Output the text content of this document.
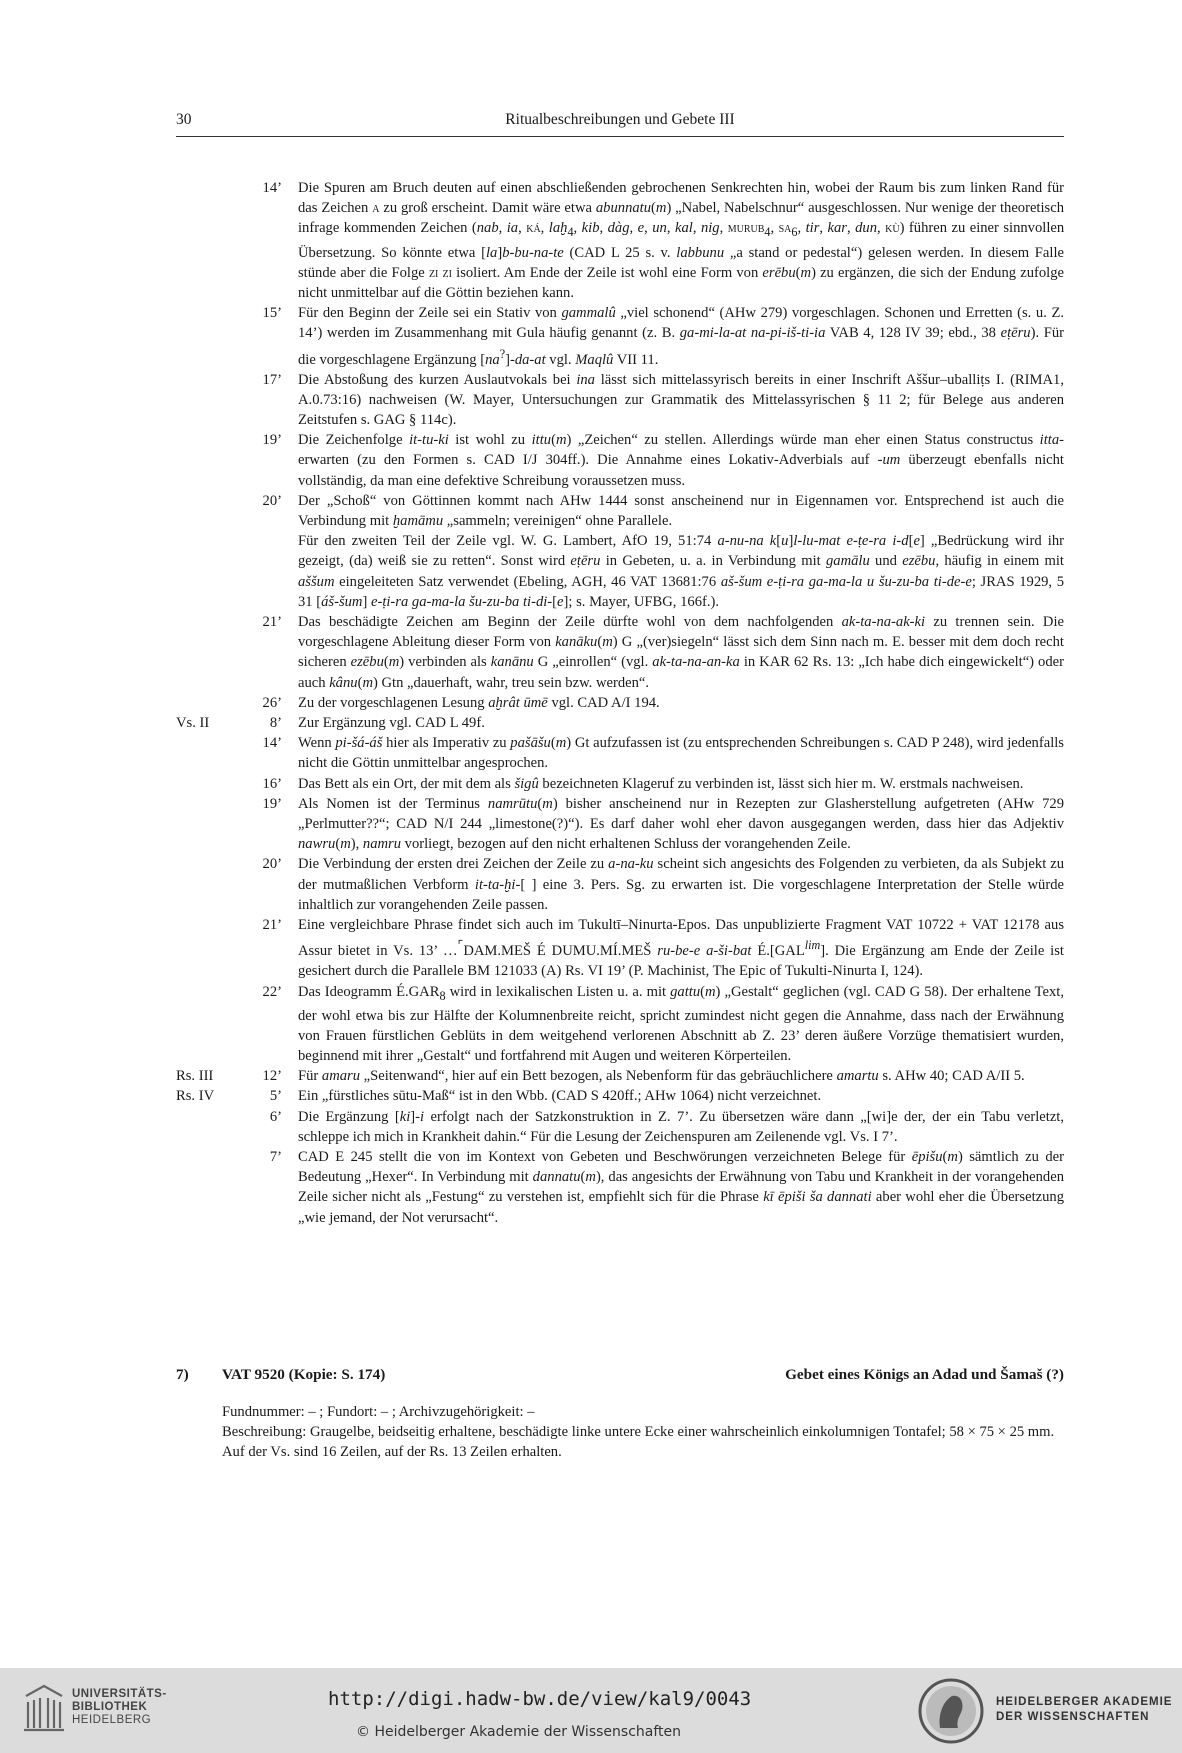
30	Ritualbeschreibungen und Gebete III
14’ Die Spuren am Bruch deuten auf einen abschließenden gebrochenen Senkrechten hin, wobei der Raum bis zum linken Rand für das Zeichen a zu groß erscheint. Damit wäre etwa abunnatu(m) „Nabel, Nabelschnur“ ausgeschlossen. Nur wenige der theoretisch infrage kommenden Zeichen (nab, ia, ká, laḫ$_4$, kib, dàg, e, un, kal, nig, murub$_4$, $sa_6$, tir, kar, dun, kù) führen zu einer sinnvollen Übersetzung. So könnte etwa [la]b-bu-na-te (CAD L 25 s. v. labbunu „a stand or pedestal“) gelesen werden. In diesem Falle stünde aber die Folge zi zi isoliert. Am Ende der Zeile ist wohl eine Form von erēbu(m) zu ergänzen, die sich der Endung zufolge nicht unmittelbar auf die Göttin beziehen kann.

15’ Für den Beginn der Zeile sei ein Stativ von gammalû „viel schonend“ (AHw 279) vorgeschlagen. Schonen und Erretten (s. u. Z. 14’) werden im Zusammenhang mit Gula häufig genannt (z. B. ga-mi-la-at na-pi-iš-ti-ia VAB 4, 128 IV 39; ebd., 38 eṭēru). Für die vorgeschlagene Ergänzung [na?]-da-at vgl. Maqlû VII 11.

17’ Die Abstoßung des kurzen Auslautvokals bei ina lässt sich mittelassyrisch bereits in einer Inschrift Aššur–uballiṭs I. (RIMA1, A.0.73:16) nachweisen (W. Mayer, Untersuchungen zur Grammatik des Mittelassyrischen § 11 2; für Belege aus anderen Zeitstufen s. GAG § 114c).

19’ Die Zeichenfolge it-tu-ki ist wohl zu ittu(m) „Zeichen“ zu stellen. Allerdings würde man eher einen Status constructus itta- erwarten (zu den Formen s. CAD I/J 304ff.). Die Annahme eines Lokativ-Adverbials auf -um überzeugt ebenfalls nicht vollständig, da man eine defektive Schreibung voraussetzen muss.

20’ Der „Schoß“ von Göttinnen kommt nach AHw 1444 sonst anscheinend nur in Eigennamen vor. Entsprechend ist auch die Verbindung mit ḫamāmu „sammeln; vereinigen“ ohne Parallele.

Für den zweiten Teil der Zeile vgl. W. G. Lambert, AfO 19, 51:74 a-nu-na k[u]l-lu-mat e-ṭe-ra i-d[e] „Bedrückung wird ihr gezeigt, (da) weiß sie zu retten“. Sonst wird eṭēru in Gebeten, u. a. in Verbindung mit gamālu und ezēbu, häufig in einem mit aššum eingeleiteten Satz verwendet (Ebeling, AGH, 46 VAT 13681:76 aš-šum e-ṭi-ra ga-ma-la u šu-zu-ba ti-de-e; JRAS 1929, 5 31 [áš-šum] e-ṭi-ra ga-ma-la šu-zu-ba ti-di-[e]; s. Mayer, UFBG, 166f.).

21’ Das beschädigte Zeichen am Beginn der Zeile dürfte wohl von dem nachfolgenden ak-ta-na-ak-ki zu trennen sein. Die vorgeschlagene Ableitung dieser Form von kanāku(m) G „(ver)siegeln“ lässt sich dem Sinn nach m. E. besser mit dem doch recht sicheren ezēbu(m) verbinden als kanānu G „einrollen“ (vgl. ak-ta-na-an-ka in KAR 62 Rs. 13: „Ich habe dich eingewickelt“) oder auch kânu(m) Gtn „dauerhaft, wahr, treu sein bzw. werden“.

26’ Zu der vorgeschlagenen Lesung aḫrât ūmē vgl. CAD A/I 194.

Vs. II	8’ Zur Ergänzung vgl. CAD L 49f.

14’ Wenn pi-šá-áš hier als Imperativ zu pašāšu(m) Gt aufzufassen ist (zu entsprechenden Schreibungen s. CAD P 248), wird jedenfalls nicht die Göttin unmittelbar angesprochen.

16’ Das Bett als ein Ort, der mit dem als šigû bezeichneten Klageruf zu verbinden ist, lässt sich hier m. W. erstmals nachweisen.

19’ Als Nomen ist der Terminus namrūtu(m) bisher anscheinend nur in Rezepten zur Glasherstellung aufgetreten (AHw 729 „Perlmutter??“; CAD N/I 244 „limestone(?)“). Es darf daher wohl eher davon ausgegangen werden, dass hier das Adjektiv nawru(m), namru vorliegt, bezogen auf den nicht erhaltenen Schluss der vorangehenden Zeile.

20’ Die Verbindung der ersten drei Zeichen der Zeile zu a-na-ku scheint sich angesichts des Folgenden zu verbieten, da als Subjekt zu der mutmaßlichen Verbform it-ta-ḫi-[ ] eine 3. Pers. Sg. zu erwarten ist. Die vorgeschlagene Interpretation der Stelle würde inhaltlich zur vorangehenden Zeile passen.

21’ Eine vergleichbare Phrase findet sich auch im Tukultī–Ninurta-Epos. Das unpublizierte Fragment VAT 10722 + VAT 12178 aus Assur bietet in Vs. 13’ …⌜DAM.MEŠ É DUMU.MÍ.MEŠ ru-be-e a-ši-bat $É.[GAL^{lim}]$. Die Ergänzung am Ende der Zeile ist gesichert durch die Parallele BM 121033 (A) Rs. VI 19’ (P. Machinist, The Epic of Tukulti-Ninurta I, 124).

22’ Das Ideogramm $É.GAR_8$ wird in lexikalischen Listen u. a. mit gattu(m) „Gestalt“ geglichen (vgl. CAD G 58). Der erhaltene Text, der wohl etwa bis zur Hälfte der Kolumnenbreite reicht, spricht zumindest nicht gegen die Annahme, dass nach der Erwähnung von Frauen fürstlichen Geblüts in dem weitgehend verlorenen Abschnitt ab Z. 23’ deren äußere Vorzüge thematisiert wurden, beginnend mit ihrer „Gestalt“ und fortfahrend mit Augen und weiteren Körperteilen.

Rs. III	12’ Für amaru „Seitenwand“, hier auf ein Bett bezogen, als Nebenform für das gebräuchlichere amartu s. AHw 40; CAD A/II 5.

Rs. IV	5’ Ein „fürstliches sūtu-Maß“ ist in den Wbb. (CAD S 420ff.; AHw 1064) nicht verzeichnet.

6’ Die Ergänzung [ki]-i erfolgt nach der Satzkonstruktion in Z. 7’. Zu übersetzen wäre dann „[wi]e der, der ein Tabu verletzt, schleppe ich mich in Krankheit dahin.“ Für die Lesung der Zeichenspuren am Zeilenende vgl. Vs. I 7’.

7’ CAD E 245 stellt die von im Kontext von Gebeten und Beschwörungen verzeichneten Belege für ēpišu(m) sämtlich zu der Bedeutung „Hexer“. In Verbindung mit dannatu(m), das angesichts der Erwähnung von Tabu und Krankheit in der vorangehenden Zeile sicher nicht als „Festung“ zu verstehen ist, empfiehlt sich für die Phrase kī ēpiši ša dannati aber wohl eher die Übersetzung „wie jemand, der Not verursacht“.

7) VAT 9520 (Kopie: S. 174)	Gebet eines Königs an Adad und Šamaš (?)

Fundnummer: – ; Fundort: – ; Archivzugehörigkeit: –

Beschreibung: Graugelbe, beidseitig erhaltene, beschädigte linke untere Ecke einer wahrscheinlich einkolumnigen Tontafel; 58 × 75 × 25 mm. Auf der Vs. sind 16 Zeilen, auf der Rs. 13 Zeilen erhalten.

UNIVERSITÄTS-
BIBLIOTHEK
HEIDELBERG
http://digi.hadw-bw.de/view/kal9/0043
© Heidelberger Akademie der Wissenschaften
HEIDELBERGER AKADEMIE
DER WISSENSCHAFTEN
